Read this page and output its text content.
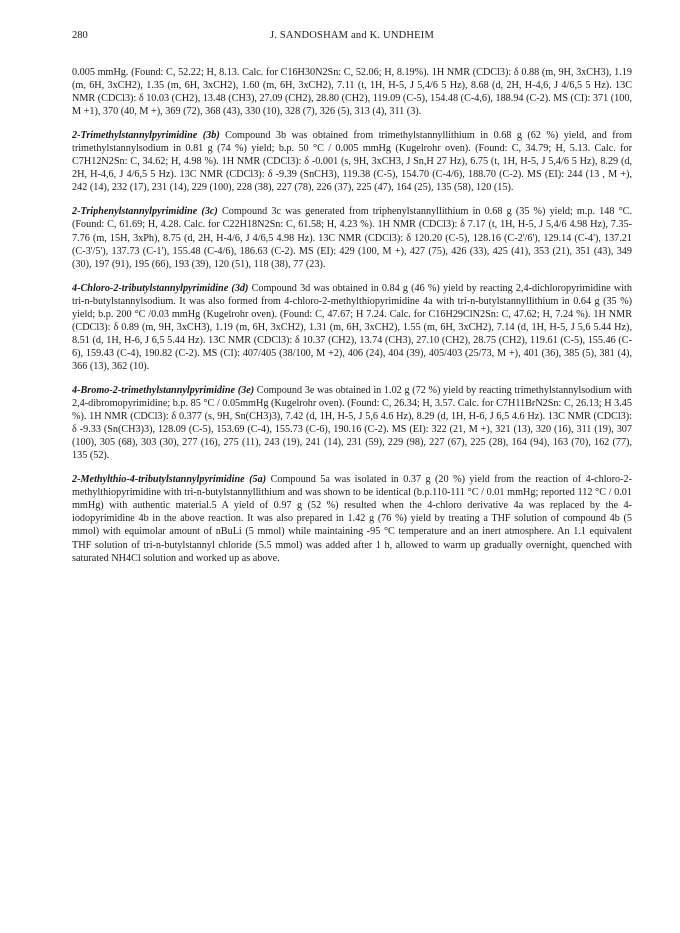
280	J. SANDOSHAM and K. UNDHEIM

0.005 mmHg. (Found: C, 52.22; H, 8.13. Calc. for C16H30N2Sn: C, 52.06; H, 8.19%). 1H NMR (CDCl3): δ 0.88 (m, 9H, 3xCH3), 1.19 (m, 6H, 3xCH2), 1.35 (m, 6H, 3xCH2), 1.60 (m, 6H, 3xCH2), 7.11 (t, 1H, H-5, J 5,4/6 5 Hz), 8.68 (d, 2H, H-4,6, J 4/6,5 5 Hz). 13C NMR (CDCl3): δ 10.03 (CH2), 13.48 (CH3), 27.09 (CH2), 28.80 (CH2), 119.09 (C-5), 154.48 (C-4,6), 188.94 (C-2). MS (CI): 371 (100, M +1), 370 (40, M +), 369 (72), 368 (43), 330 (10), 328 (7), 326 (5), 313 (4), 311 (3).

2-Trimethylstannylpyrimidine (3b) Compound 3b was obtained from trimethylstannyllithium in 0.68 g (62 %) yield, and from trimethylstannylsodium in 0.81 g (74 %) yield; b.p. 50 °C / 0.005 mmHg (Kugelrohr oven). (Found: C, 34.79; H, 5.13. Calc. for C7H12N2Sn: C, 34.62; H, 4.98 %). 1H NMR (CDCl3): δ -0.001 (s, 9H, 3xCH3, J Sn,H 27 Hz), 6.75 (t, 1H, H-5, J 5,4/6 5 Hz), 8.29 (d, 2H, H-4,6, J 4/6,5 5 Hz). 13C NMR (CDCl3): δ -9.39 (SnCH3), 119.38 (C-5), 154.70 (C-4/6), 188.70 (C-2). MS (EI): 244 (13 , M +), 242 (14), 232 (17), 231 (14), 229 (100), 228 (38), 227 (78), 226 (37), 225 (47), 164 (25), 135 (58), 120 (15).

2-Triphenylstannylpyrimidine (3c) Compound 3c was generated from triphenylstannyllithium in 0.68 g (35 %) yield; m.p. 148 °C. (Found: C, 61.69; H, 4.28. Calc. for C22H18N2Sn: C, 61.58; H, 4.23 %). 1H NMR (CDCl3): δ 7.17 (t, 1H, H-5, J 5,4/6 4.98 Hz), 7.35-7.76 (m, 15H, 3xPh), 8.75 (d, 2H, H-4/6, J 4/6,5 4.98 Hz). 13C NMR (CDCl3): δ 120.20 (C-5), 128.16 (C-2'/6'), 129.14 (C-4'), 137.21 (C-3'/5'), 137.73 (C-1'), 155.48 (C-4/6), 186.63 (C-2). MS (EI): 429 (100, M +), 427 (75), 426 (33), 425 (41), 353 (21), 351 (43), 349 (30), 197 (91), 195 (66), 193 (39), 120 (51), 118 (38), 77 (23).

4-Chloro-2-tributylstannylpyrimidine (3d) Compound 3d was obtained in 0.84 g (46 %) yield by reacting 2,4-dichloropyrimidine with tri-n-butylstannylsodium. It was also formed from 4-chloro-2-methylthiopyrimidine 4a with tri-n-butylstannyllithium in 0.64 g (35 %) yield; b.p. 200 °C /0.03 mmHg (Kugelrohr oven). (Found: C, 47.67; H 7.24. Calc. for C16H29ClN2Sn: C, 47.62; H, 7.24 %). 1H NMR (CDCl3): δ 0.89 (m, 9H, 3xCH3), 1.19 (m, 6H, 3xCH2), 1.31 (m, 6H, 3xCH2), 1.55 (m, 6H, 3xCH2), 7.14 (d, 1H, H-5, J 5,6 5.44 Hz), 8.51 (d, 1H, H-6, J 6,5 5.44 Hz). 13C NMR (CDCl3): δ 10.37 (CH2), 13.74 (CH3), 27.10 (CH2), 28.75 (CH2), 119.61 (C-5), 155.46 (C-6), 159.43 (C-4), 190.82 (C-2). MS (CI): 407/405 (38/100, M +2), 406 (24), 404 (39), 405/403 (25/73, M +), 401 (36), 385 (5), 381 (4), 366 (13), 362 (10).

4-Bromo-2-trimethylstannylpyrimidine (3e) Compound 3e was obtained in 1.02 g (72 %) yield by reacting trimethylstannylsodium with 2,4-dibromopyrimidine; b.p. 85 °C / 0.05mmHg (Kugelrohr oven). (Found: C, 26.34; H, 3.57. Calc. for C7H11BrN2Sn: C, 26.13; H 3.45 %). 1H NMR (CDCl3): δ 0.377 (s, 9H, Sn(CH3)3), 7.42 (d, 1H, H-5, J 5,6 4.6 Hz), 8.29 (d, 1H, H-6, J 6,5 4.6 Hz). 13C NMR (CDCl3): δ -9.33 (Sn(CH3)3), 128.09 (C-5), 153.69 (C-4), 155.73 (C-6), 190.16 (C-2). MS (EI): 322 (21, M +), 321 (13), 320 (16), 311 (19), 307 (100), 305 (68), 303 (30), 277 (16), 275 (11), 243 (19), 241 (14), 231 (59), 229 (98), 227 (67), 225 (28), 164 (94), 163 (70), 162 (77), 135 (52).

2-Methylthio-4-tributylstannylpyrimidine (5a) Compound 5a was isolated in 0.37 g (20 %) yield from the reaction of 4-chloro-2-methylthiopyrimidine with tri-n-butylstannyllithium and was shown to be identical (b.p.110-111 °C / 0.01 mmHg; reported 112 °C / 0.01 mmHg) with authentic material.5 A yield of 0.97 g (52 %) resulted when the 4-chloro derivative 4a was replaced by the 4-iodopyrimidine 4b in the above reaction. It was also prepared in 1.42 g (76 %) yield by treating a THF solution of compound 4b (5 mmol) with equimolar amount of nBuLi (5 mmol) while maintaining -95 °C temperature and an inert atmosphere. An 1.1 equivalent THF solution of tri-n-butylstannyl chloride (5.5 mmol) was added after 1 h, allowed to warm up gradually overnight, quenched with saturated NH4Cl solution and worked up as above.
